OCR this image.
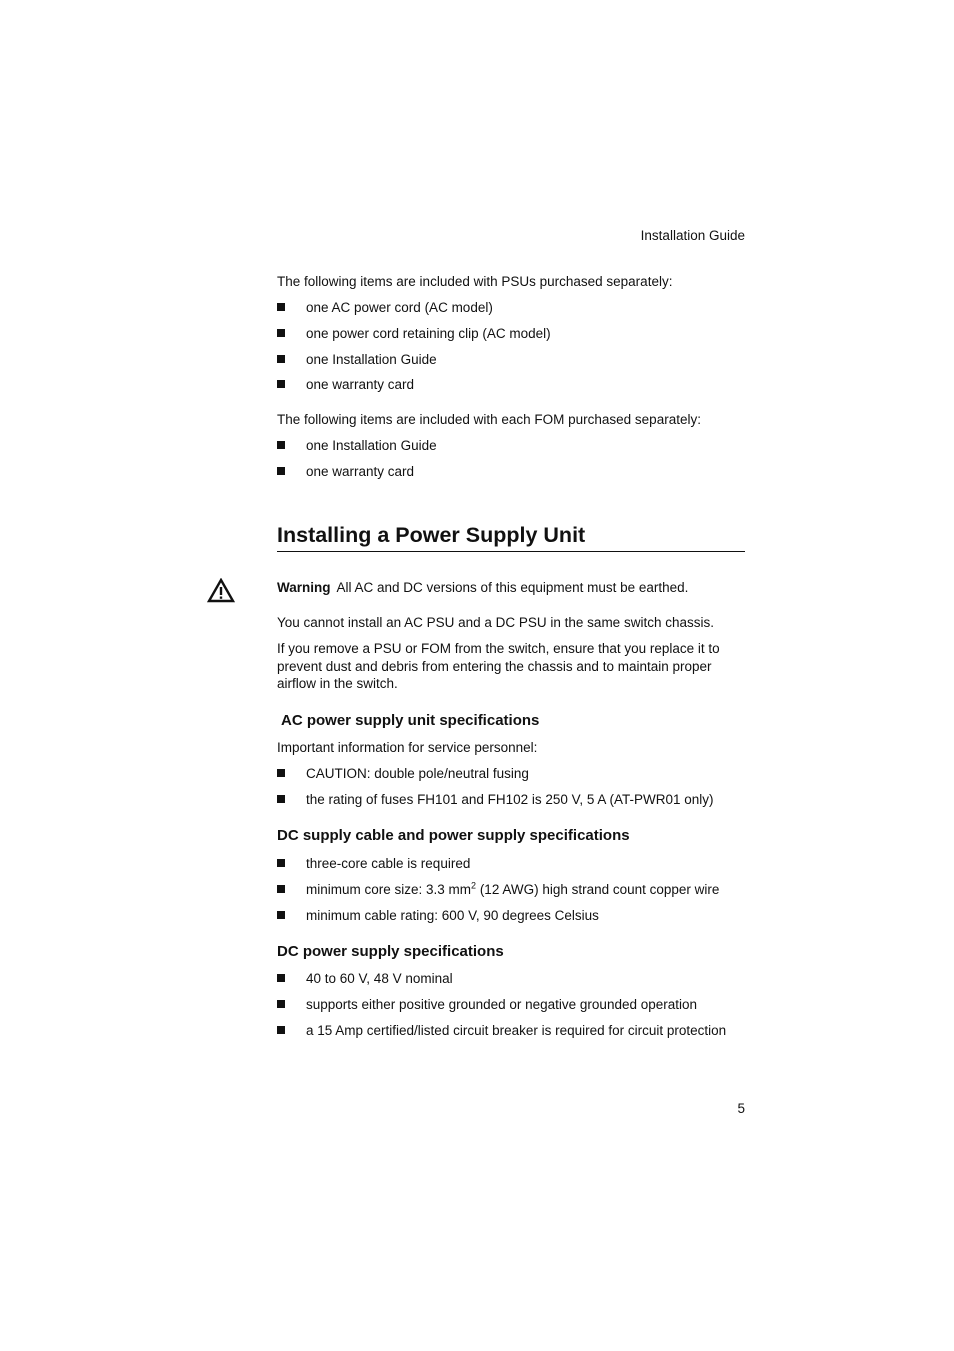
Installation Guide
The following items are included with PSUs purchased separately:
one AC power cord (AC model)
one power cord retaining clip (AC model)
one Installation Guide
one warranty card
The following items are included with each FOM purchased separately:
one Installation Guide
one warranty card
Installing a Power Supply Unit
Warning All AC and DC versions of this equipment must be earthed.
You cannot install an AC PSU and a DC PSU in the same switch chassis.
If you remove a PSU or FOM from the switch, ensure that you replace it to prevent dust and debris from entering the chassis and to maintain proper airflow in the switch.
AC power supply unit specifications
Important information for service personnel:
CAUTION: double pole/neutral fusing
the rating of fuses FH101 and FH102 is 250 V, 5 A (AT-PWR01 only)
DC supply cable and power supply specifications
three-core cable is required
minimum core size: 3.3 $mm^2$ (12 AWG) high strand count copper wire
minimum cable rating: 600 V, 90 degrees Celsius
DC power supply specifications
40 to 60 V, 48 V nominal
supports either positive grounded or negative grounded operation
a 15 Amp certified/listed circuit breaker is required for circuit protection
5
